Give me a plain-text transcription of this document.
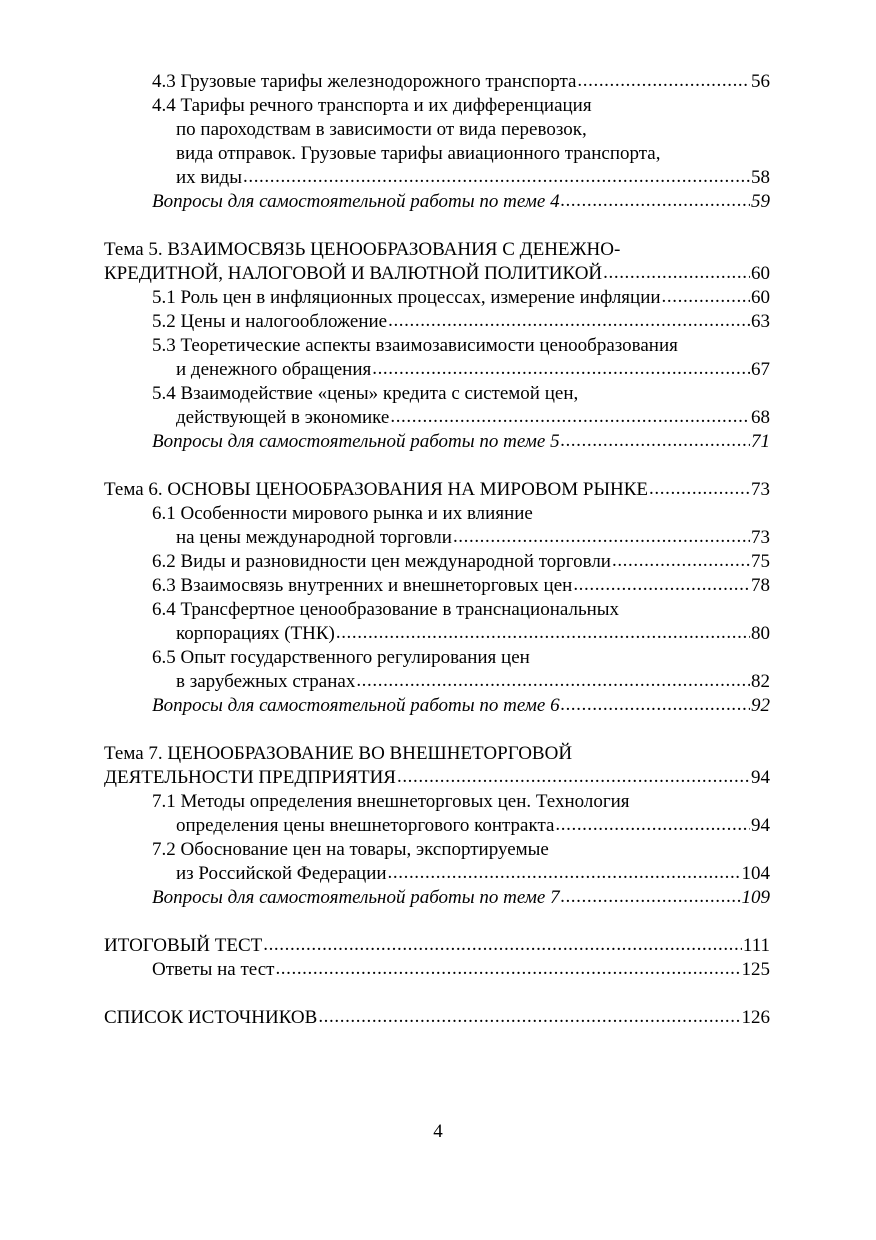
4.3 Грузовые тарифы железнодорожного транспорта .....	56
4.4 Тарифы речного транспорта и их дифференциация
по пароходствам в зависимости от вида перевозок,
вида отправок. Грузовые тарифы авиационного транспорта,
их виды .....	58
Вопросы для самостоятельной работы по теме 4 .....	59
Тема 5. ВЗАИМОСВЯЗЬ ЦЕНООБРАЗОВАНИЯ С ДЕНЕЖНО-
КРЕДИТНОЙ, НАЛОГОВОЙ И ВАЛЮТНОЙ ПОЛИТИКОЙ .....	60
5.1 Роль цен в инфляционных процессах, измерение инфляции .....	60
5.2 Цены и налогообложение .....	63
5.3 Теоретические аспекты взаимозависимости ценообразования
и денежного обращения .....	67
5.4 Взаимодействие «цены» кредита с системой цен,
действующей в экономике .....	68
Вопросы для самостоятельной работы по теме 5 .....	71
Тема 6. ОСНОВЫ ЦЕНООБРАЗОВАНИЯ НА МИРОВОМ РЫНКЕ .....	73
6.1 Особенности мирового рынка и их влияние
на цены международной торговли .....	73
6.2 Виды и разновидности цен международной торговли .....	75
6.3 Взаимосвязь внутренних и внешнеторговых цен .....	78
6.4 Трансфертное ценообразование в транснациональных
корпорациях (ТНК) .....	80
6.5 Опыт государственного регулирования цен
в зарубежных странах .....	82
Вопросы для самостоятельной работы по теме 6 .....	92
Тема 7. ЦЕНООБРАЗОВАНИЕ ВО ВНЕШНЕТОРГОВОЙ
ДЕЯТЕЛЬНОСТИ ПРЕДПРИЯТИЯ .....	94
7.1 Методы определения внешнеторговых цен. Технология
определения цены внешнеторгового контракта .....	94
7.2 Обоснование цен на товары, экспортируемые
из Российской Федерации .....	104
Вопросы для самостоятельной работы по теме 7 .....	109
ИТОГОВЫЙ ТЕСТ .....	111
Ответы на тест .....	125
СПИСОК ИСТОЧНИКОВ .....	126
4
